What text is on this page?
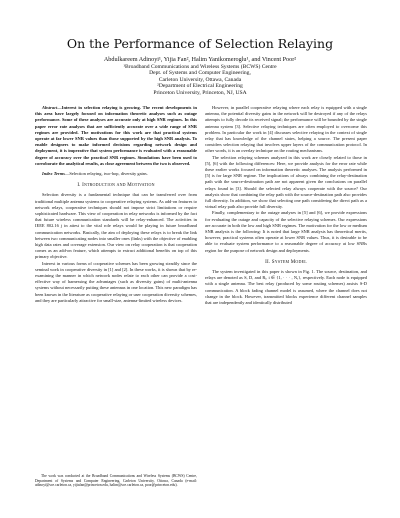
On the Performance of Selection Relaying
Abdulkareem Adinoyi¹, Yijia Fan², Halim Yanikomeroglu¹, and Vincent Poor²
¹Broadband Communications and Wireless Systems (BCWS) Centre
Dept. of Systems and Computer Engineering,
Carleton University, Ottawa, Canada
²Department of Electrical Engineering
Princeton University, Princeton, NJ, USA

Abstract—Interest in selection relaying is growing. The recent developments in this area have largely focused on information theoretic analyses such as outage performance. Some of these analyses are accurate only at high SNR regimes. In this paper error rate analyses that are sufficiently accurate over a wide range of SNR regimes are provided. The motivations for this work are that practical systems operate at far lower SNR values than those supported by the high SNR analysis. To enable designers to make informed decisions regarding network design and deployment, it is imperative that system performance is evaluated with a reasonable degree of accuracy over the practical SNR regimes. Simulations have been used to corroborate the analytical results, as close agreement between the two is observed.

Index Terms—Selection relaying, two-hop, diversity gains.

I. Introduction and Motivation

Selection diversity is a fundamental technique that can be transferred over from traditional multiple antenna systems to cooperative relaying systems. As add-on features to network relays, cooperative techniques should not impose strict limitations or require sophisticated hardware. This view of cooperation in relay networks is informed by the fact that future wireless communication standards will be relay-enhanced. The activities in IEEE 802.16 j in attest to the vital role relays would be playing in future broadband communication networks. Basically, the aim of deploying these relays is to break the link between two communicating nodes into smaller ones (links) with the objective of enabling high data rates and coverage extension. Our view on relay cooperation is that cooperation comes as an add-on feature, which attempts to extract additional benefits on top of this primary objective.

Interest in various forms of cooperative schemes has been growing steadily since the seminal work in cooperative diversity in [1] and [2]. In these works, it is shown that by re-examining the manner in which network nodes relate to each other can provide a cost-effective way of harnessing the advantages (such as diversity gains) of multi-antenna systems without necessarily putting these antennas in one location. This new paradigm has been known in the literature as cooperative relaying or user cooperation diversity schemes, and they are particularly attractive for small-size, antenna-limited wireless devices.

The work was conducted at the Broadband Communications and Wireless Systems (BCWS) Centre, Department of Systems and Computer Engineering, Carleton University, Ottawa, Canada (e-mail: adinoyi@sce.carleton.ca, yijiafan@princeton.edu, halim@sce.carleton.ca, poor@princeton.edu).

However, in parallel cooperative relaying where each relay is equipped with a single antenna, the potential diversity gains in the network will be destroyed if any of the relays attempts to fully decode its received signal; the performance will be bounded by the single antenna system [3]. Selective relaying techniques are often employed to overcome this problem. In particular the work in [4] discusses selective relaying in the context of single relay that has knowledge of the channel states, helping a source. The present paper considers selection relaying that involves upper layers of the communication protocol. In other words, it is an overlay technique on the routing mechanisms.

The selection relaying schemes analyzed in this work are closely related to those in [5], [6] with the following differences: Here, we provide analysis for the error rate while these earlier works focused on information theoretic analyses. The analysis performed in [5] is for large SNR regime. The implications of always combining the relay-destination path with the source-destination path are not apparent given the conclusions on parallel relays found in [3]. Should the selected relay always cooperate with the source? Our analysis show that combining the relay path with the source-destination path also provides full diversity. In addition, we show that selecting one path considering the direct path as a virtual relay path also provide full diversity.

Finally, complementary to the outage analyses in [5] and [6], we provide expressions for evaluating the outage and capacity of the selective relaying schemes. Our expressions are accurate in both the low and high SNR regimes. The motivation for the low or medium SNR analysis is the following: It is noted that large SNR analysis has theoretical merits, however, practical systems often operate at lower SNR values. Thus, it is desirable to be able to evaluate system performance to a reasonable degree of accuracy at low SNRs region for the purpose of network design and deployments.

II. System Model

The system investigated in this paper is shown in Fig. 1. The source, destination, and relays are denoted as S, D, and Rᵢ, i ∈ {1, · · · , Nᵣ}, respectively. Each node is equipped with a single antenna. The best relay (produced by some routing schemes) assists S-D communication. A block fading channel model is assumed, where the channel does not change in the block. However, transmitted blocks experience different channel samples that are independently and identically distributed
